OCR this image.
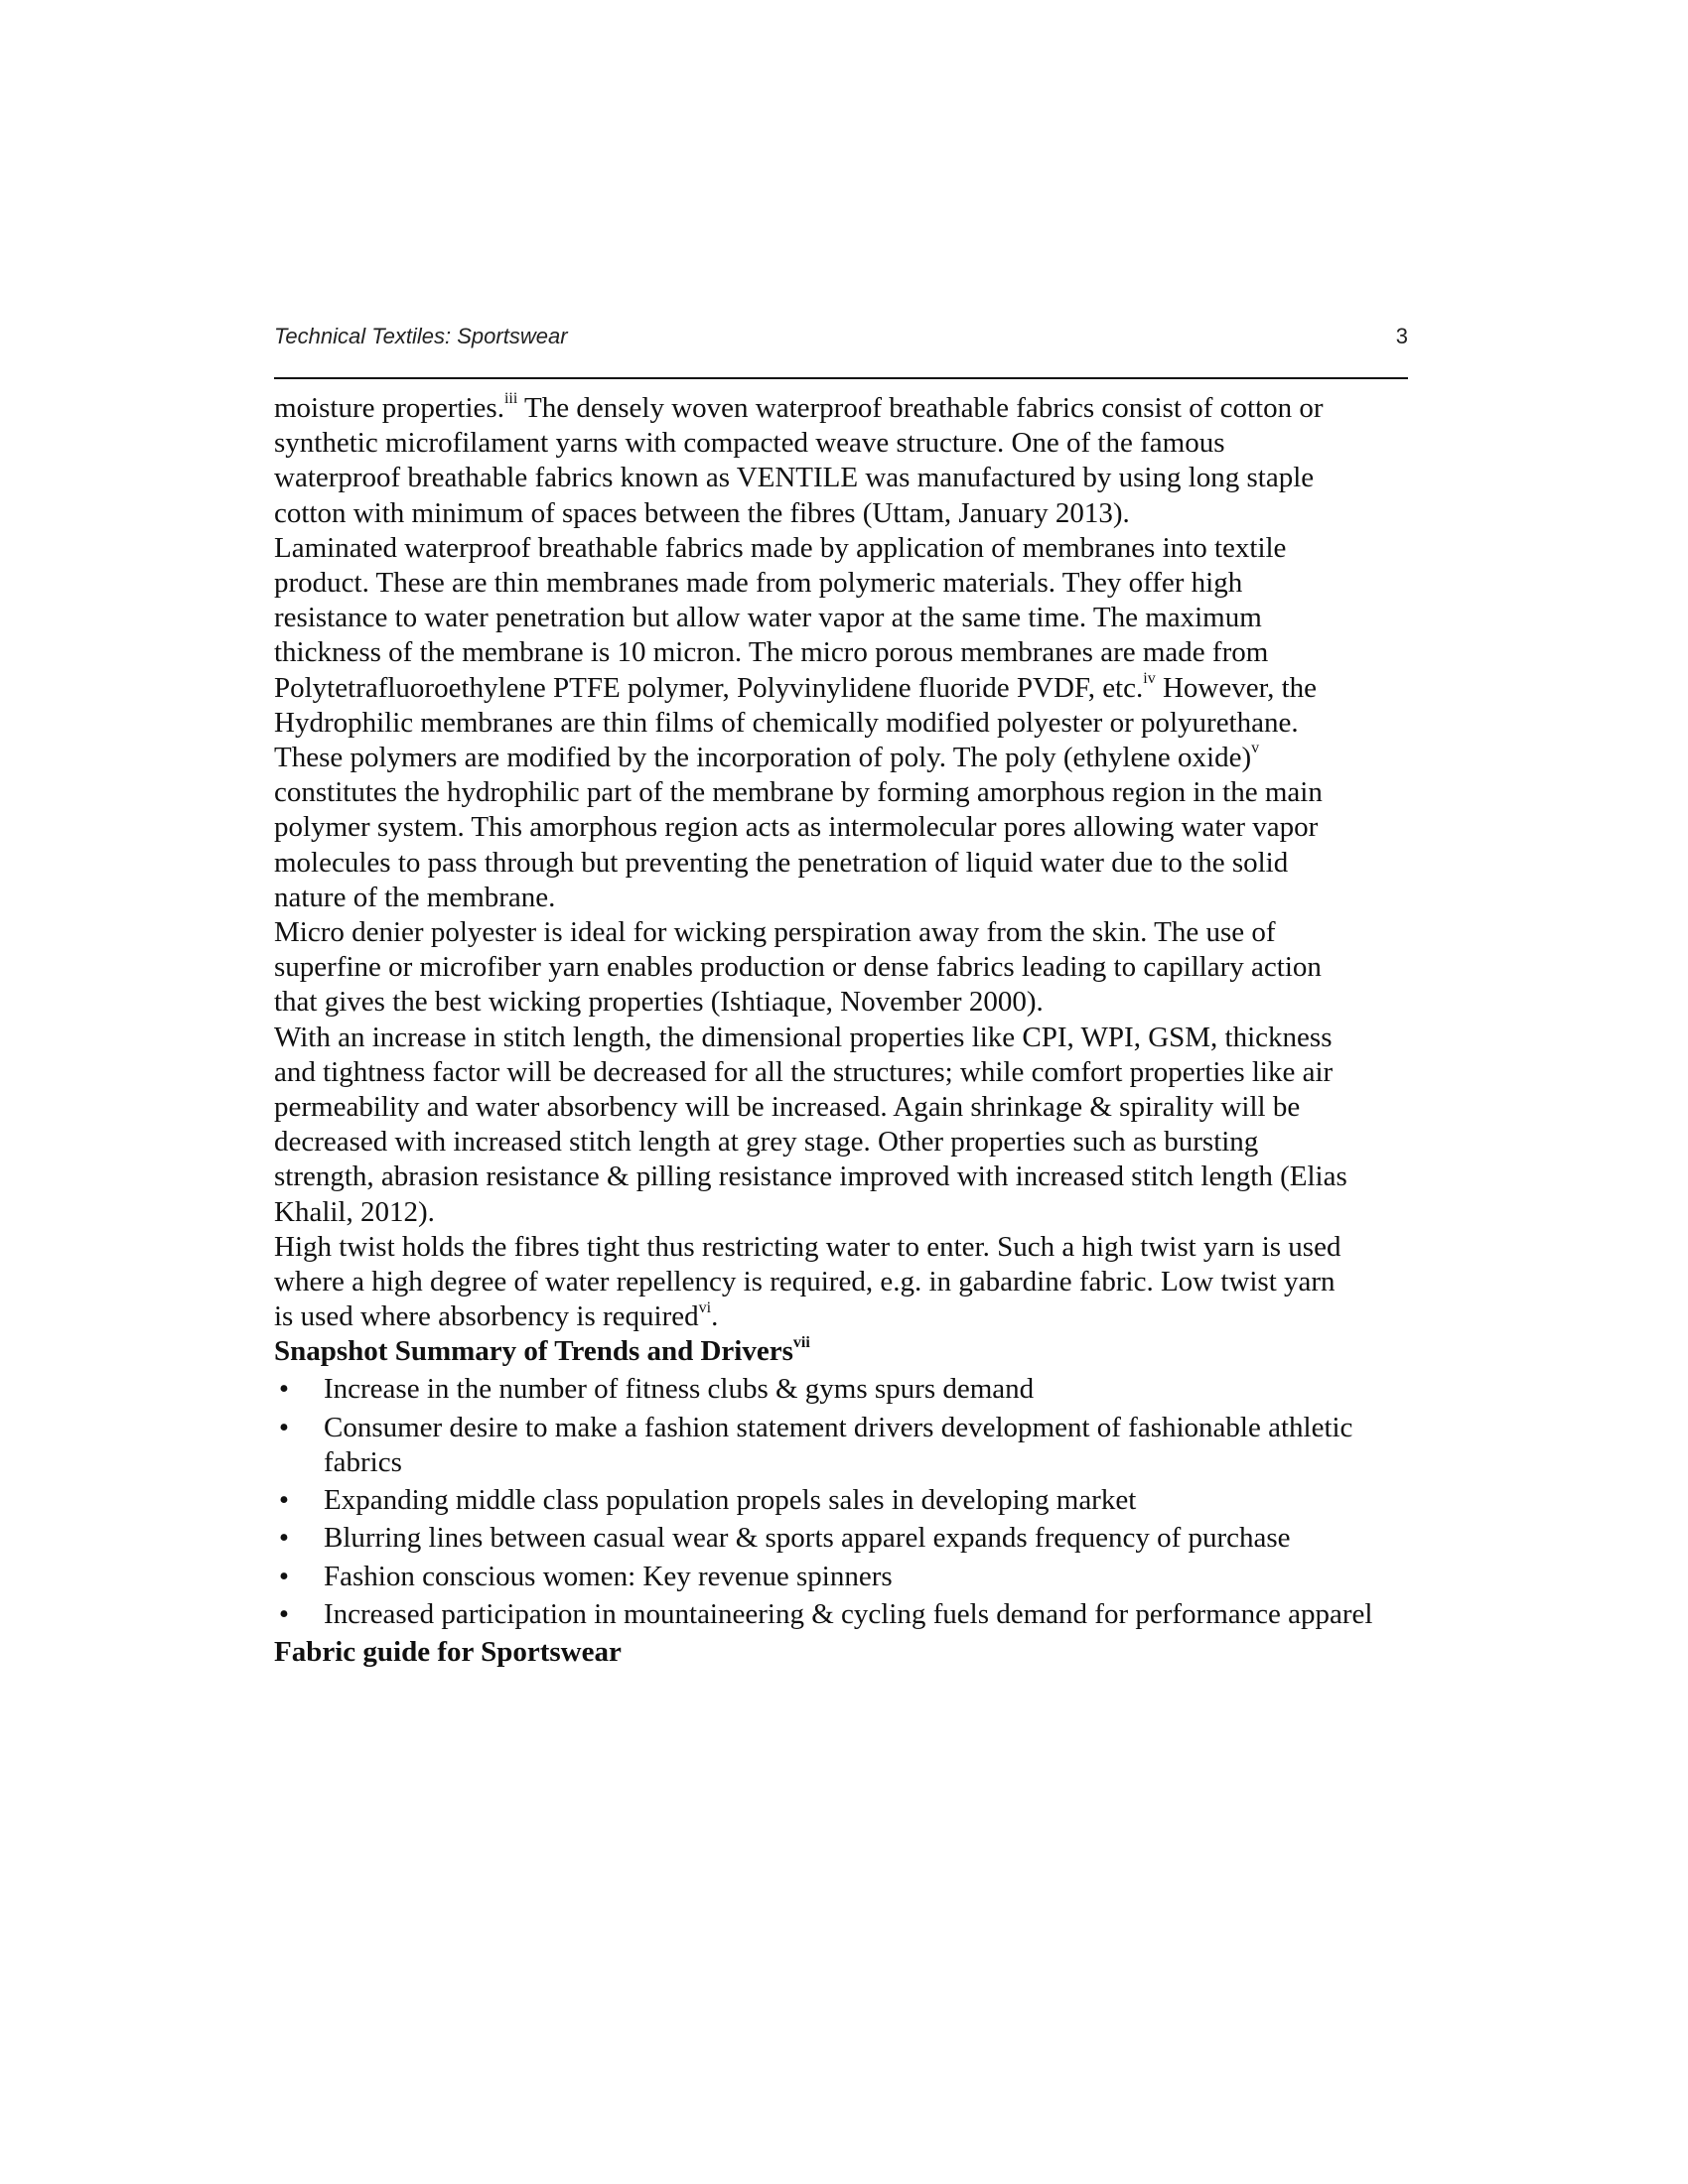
Technical Textiles: Sportswear	3

moisture properties.$^{iii}$ The densely woven waterproof breathable fabrics consist of cotton or
synthetic microfilament yarns with compacted weave structure. One of the famous
waterproof breathable fabrics known as VENTILE was manufactured by using long staple
cotton with minimum of spaces between the fibres (Uttam, January 2013).

Laminated waterproof breathable fabrics made by application of membranes into textile
product. These are thin membranes made from polymeric materials. They offer high
resistance to water penetration but allow water vapor at the same time. The maximum
thickness of the membrane is 10 micron. The micro porous membranes are made from
Polytetrafluoroethylene PTFE polymer, Polyvinylidene fluoride PVDF, etc.$^{iv}$ However, the
Hydrophilic membranes are thin films of chemically modified polyester or polyurethane.
These polymers are modified by the incorporation of poly. The poly (ethylene oxide)$^v$
constitutes the hydrophilic part of the membrane by forming amorphous region in the main
polymer system. This amorphous region acts as intermolecular pores allowing water vapor
molecules to pass through but preventing the penetration of liquid water due to the solid
nature of the membrane.

Micro denier polyester is ideal for wicking perspiration away from the skin. The use of
superfine or microfiber yarn enables production or dense fabrics leading to capillary action
that gives the best wicking properties (Ishtiaque, November 2000).

With an increase in stitch length, the dimensional properties like CPI, WPI, GSM, thickness
and tightness factor will be decreased for all the structures; while comfort properties like air
permeability and water absorbency will be increased. Again shrinkage & spirality will be
decreased with increased stitch length at grey stage. Other properties such as bursting
strength, abrasion resistance & pilling resistance improved with increased stitch length (Elias
Khalil, 2012).

High twist holds the fibres tight thus restricting water to enter. Such a high twist yarn is used
where a high degree of water repellency is required, e.g. in gabardine fabric. Low twist yarn
is used where absorbency is required$^{vi}$.

Snapshot Summary of Trends and Drivers$^{vii}$
• Increase in the number of fitness clubs & gyms spurs demand
• Consumer desire to make a fashion statement drivers development of fashionable athletic fabrics
• Expanding middle class population propels sales in developing market
• Blurring lines between casual wear & sports apparel expands frequency of purchase
• Fashion conscious women: Key revenue spinners
• Increased participation in mountaineering & cycling fuels demand for performance apparel
Fabric guide for Sportswear
